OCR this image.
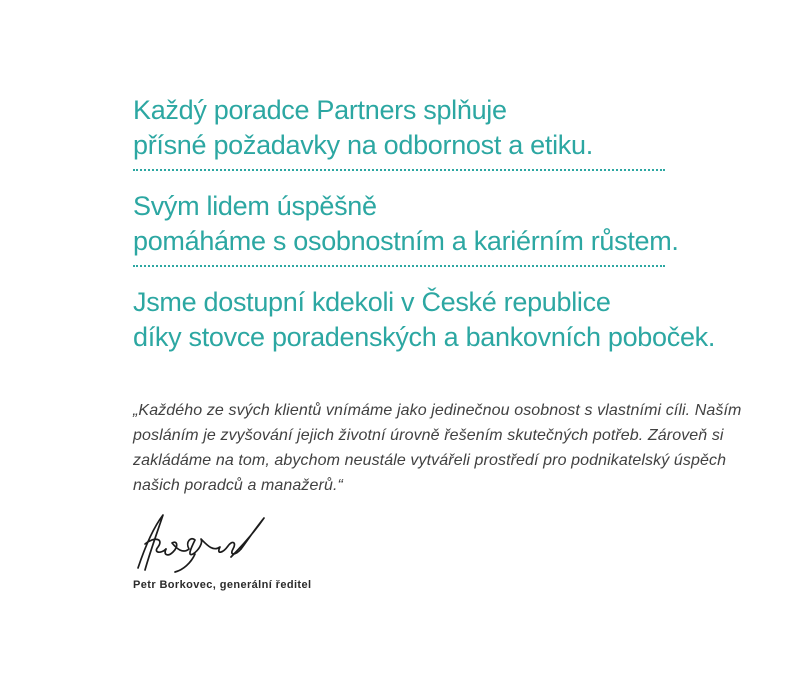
Každý poradce Partners splňuje
přísné požadavky na odbornost a etiku.
Svým lidem úspěšně
pomáháme s osobnostním a kariérním růstem.
Jsme dostupní kdekoli v České republice
díky stovce poradenských a bankovních poboček.
„Každého ze svých klientů vnímáme jako jedinečnou osobnost s vlastními cíli. Naším
posláním je zvyšování jejich životní úrovně řešením skutečných potřeb. Zároveň si
zakládáme na tom, abychom neustále vytvářeli prostředí pro podnikatelský úspěch
našich poradců a manažerů.“
Petr Borkovec, generální ředitel
